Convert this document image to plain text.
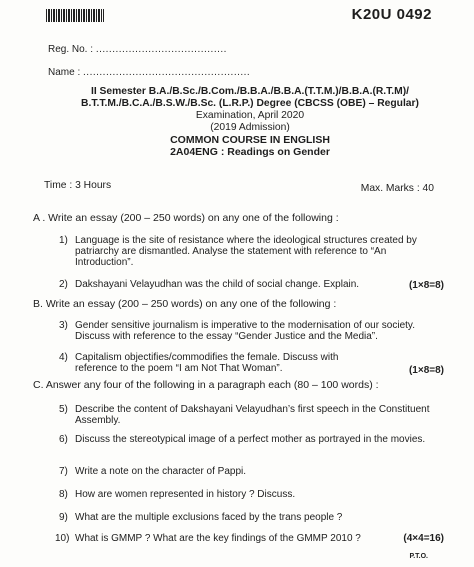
K20U 0492
Reg. No. : ........................................
Name : ...................................................
II Semester B.A./B.Sc./B.Com./B.B.A./B.B.A.(T.T.M.)/B.B.A.(R.T.M)/
B.T.T.M./B.C.A./B.S.W./B.Sc. (L.R.P.) Degree (CBCSS (OBE) – Regular)
Examination, April 2020
(2019 Admission)
COMMON COURSE IN ENGLISH
2A04ENG : Readings on Gender
Time : 3 Hours	Max. Marks : 40
A . Write an essay (200 – 250 words) on any one of the following :
1) Language is the site of resistance where the ideological structures created by patriarchy are dismantled. Analyse the statement with reference to “An Introduction”.
2) Dakshayani Velayudhan was the child of social change. Explain.	(1×8=8)
B. Write an essay (200 – 250 words) on any one of the following :
3) Gender sensitive journalism is imperative to the modernisation of our society. Discuss with reference to the essay “Gender Justice and the Media”.
4) Capitalism objectifies/commodifies the female. Discuss with reference to the poem “I am Not That Woman”.	(1×8=8)
C. Answer any four of the following in a paragraph each (80 – 100 words) :
5) Describe the content of Dakshayani Velayudhan’s first speech in the Constituent Assembly.
6) Discuss the stereotypical image of a perfect mother as portrayed in the movies.
7) Write a note on the character of Pappi.
8) How are women represented in history ? Discuss.
9) What are the multiple exclusions faced by the trans people ?
10) What is GMMP ? What are the key findings of the GMMP 2010 ?	(4×4=16)
P.T.O.
